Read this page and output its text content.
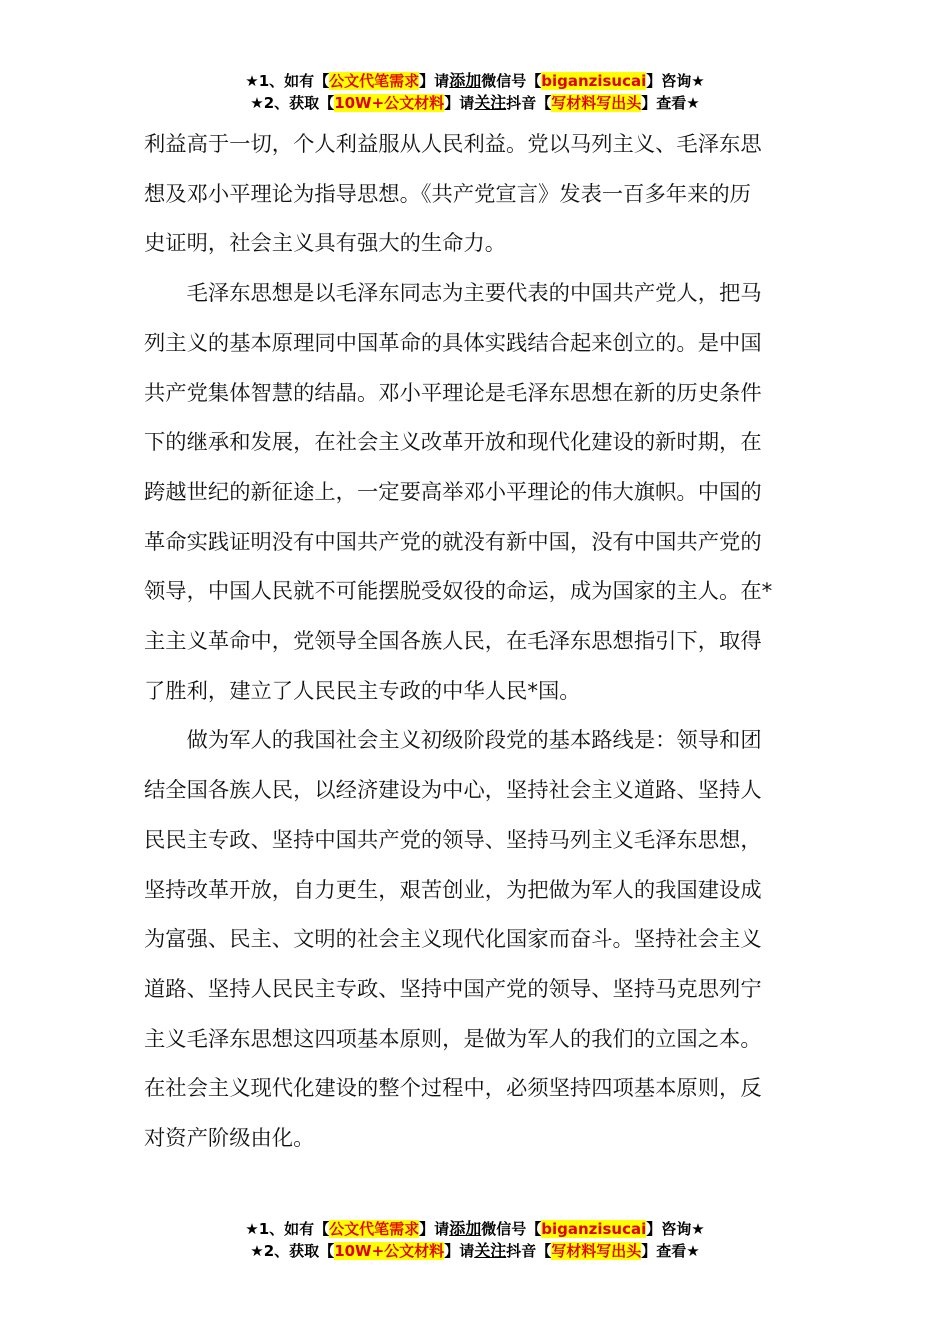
★1、如有【公文代笔需求】请添加微信号【biganzisucai】咨询★
★2、获取【10W+公文材料】请关注抖音【写材料写出头】查看★
利益高于一切，个人利益服从人民利益。党以马列主义、毛泽东思
想及邓小平理论为指导思想。《共产党宣言》发表一百多年来的历
史证明，社会主义具有强大的生命力。
　　毛泽东思想是以毛泽东同志为主要代表的中国共产党人，把马
列主义的基本原理同中国革命的具体实践结合起来创立的。是中国
共产党集体智慧的结晶。邓小平理论是毛泽东思想在新的历史条件
下的继承和发展，在社会主义改革开放和现代化建设的新时期，在
跨越世纪的新征途上，一定要高举邓小平理论的伟大旗帜。中国的
革命实践证明没有中国共产党的就没有新中国，没有中国共产党的
领导，中国人民就不可能摆脱受奴役的命运，成为国家的主人。在*
主主义革命中，党领导全国各族人民，在毛泽东思想指引下，取得
了胜利，建立了人民民主专政的中华人民*国。
　　做为军人的我国社会主义初级阶段党的基本路线是：领导和团
结全国各族人民，以经济建设为中心，坚持社会主义道路、坚持人
民民主专政、坚持中国共产党的领导、坚持马列主义毛泽东思想，
坚持改革开放，自力更生，艰苦创业，为把做为军人的我国建设成
为富强、民主、文明的社会主义现代化国家而奋斗。坚持社会主义
道路、坚持人民民主专政、坚持中国产党的领导、坚持马克思列宁
主义毛泽东思想这四项基本原则，是做为军人的我们的立国之本。
在社会主义现代化建设的整个过程中，必须坚持四项基本原则，反
对资产阶级由化。
★1、如有【公文代笔需求】请添加微信号【biganzisucai】咨询★
★2、获取【10W+公文材料】请关注抖音【写材料写出头】查看★
